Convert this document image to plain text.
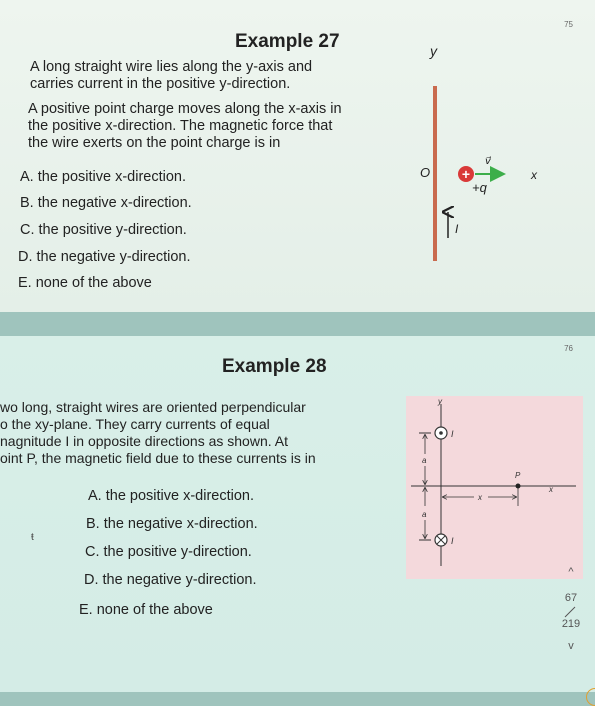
75
Example 27
A long straight wire lies along the y-axis and
carries current in the positive y-direction.
A positive point charge moves along the x-axis in
the positive x-direction. The magnetic force that
the wire exerts on the point charge is in
A. the positive x-direction.
B. the negative x-direction.
C. the positive y-direction.
D. the negative y-direction.
E. none of the above
y
O +
v⃗
+q
x
I
76
Example 28
wo long, straight wires are oriented perpendicular
o the xy-plane. They carry currents of equal
nagnitude I in opposite directions as shown. At
oint P, the magnetic field due to these currents is in
A. the positive x-direction.
B. the negative x-direction.
C. the positive y-direction.
D. the negative y-direction.
E. none of the above
y
x
I
I
a
a
x
P
ŧ
^
67
219
v
